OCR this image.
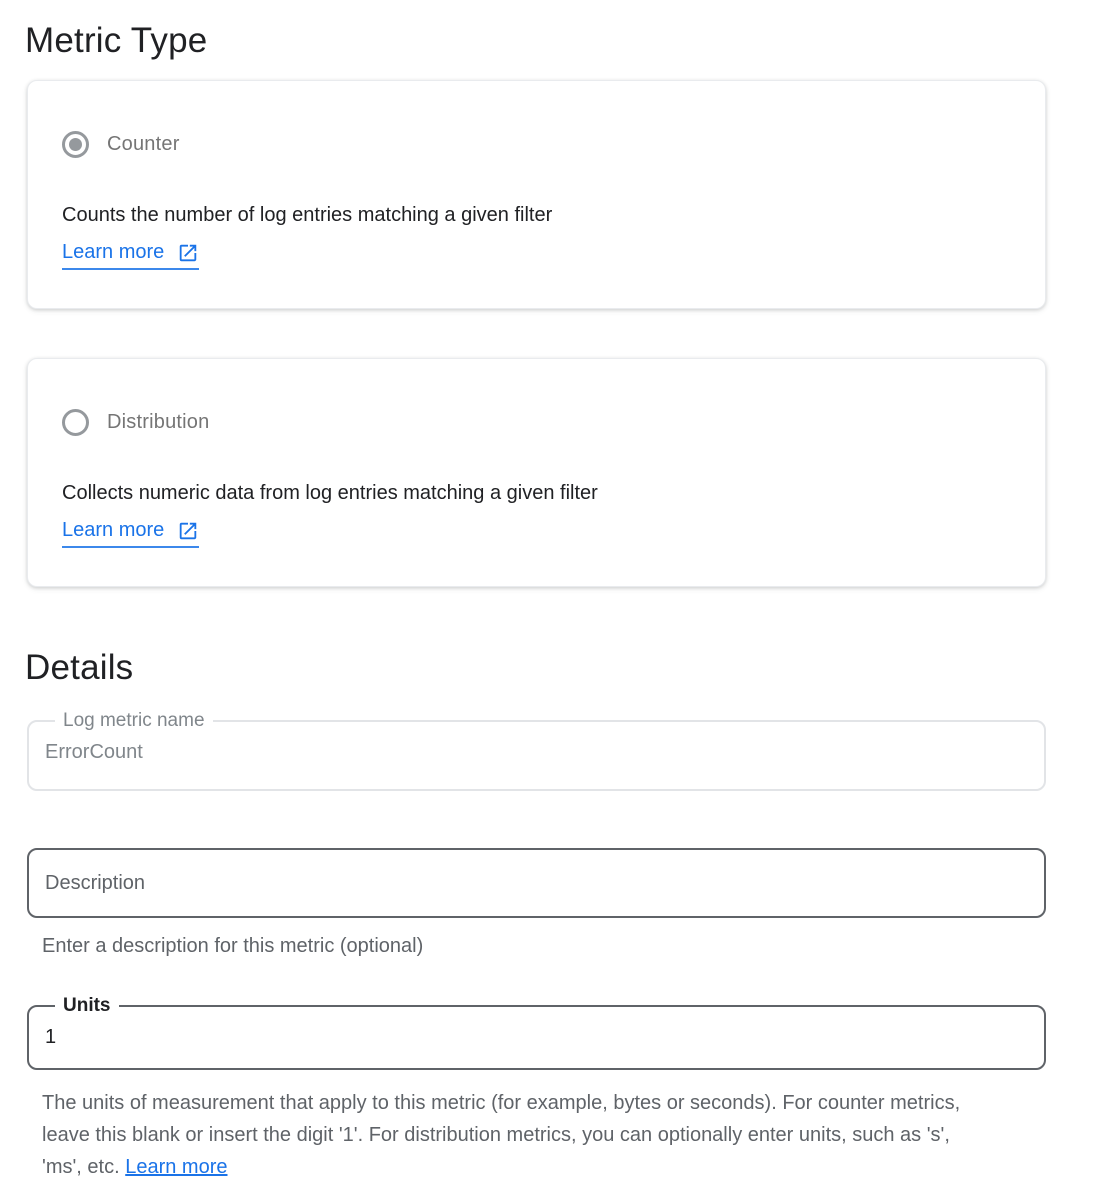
Metric Type
Counter

Counts the number of log entries matching a given filter

Learn more
Distribution

Collects numeric data from log entries matching a given filter

Learn more
Details
Log metric name
ErrorCount
Description

Enter a description for this metric (optional)

Units
1

The units of measurement that apply to this metric (for example, bytes or seconds). For counter metrics, leave this blank or insert the digit '1'. For distribution metrics, you can optionally enter units, such as 's', 'ms', etc. Learn more
